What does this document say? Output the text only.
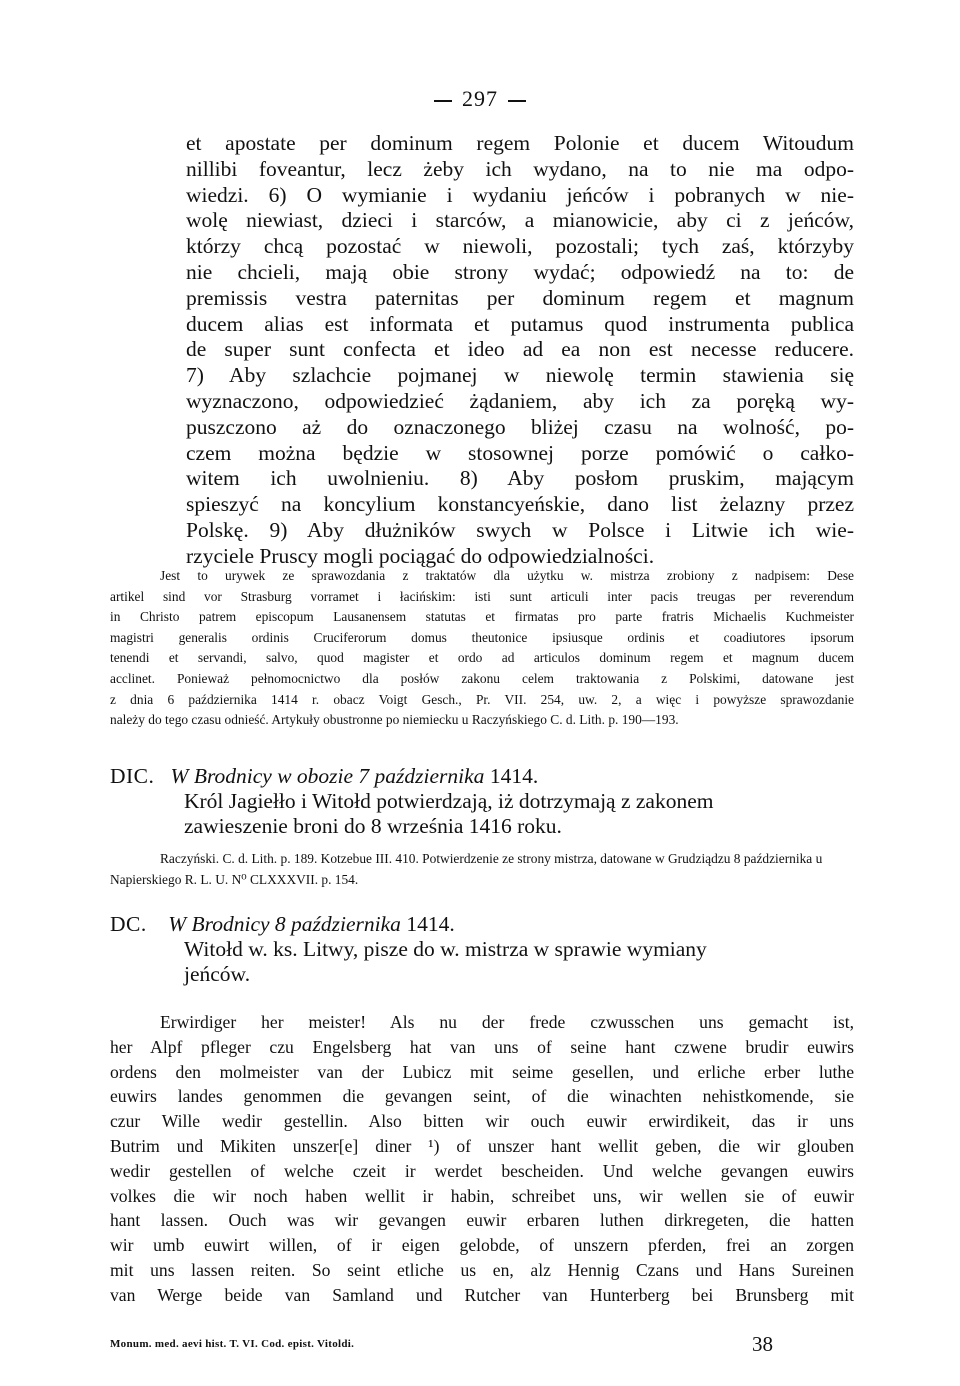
297
et apostate per dominum regem Polonie et ducem Witoudum
nillibi foveantur, lecz żeby ich wydano, na to nie ma odpo-
wiedzi. 6) O wymianie i wydaniu jeńców i pobranych w nie-
wolę niewiast, dzieci i starców, a mianowicie, aby ci z jeńców,
którzy chcą pozostać w niewoli, pozostali; tych zaś, którzyby
nie chcieli, mają obie strony wydać; odpowiedź na to: de
premissis vestra paternitas per dominum regem et magnum
ducem alias est informata et putamus quod instrumenta publica
de super sunt confecta et ideo ad ea non est necesse reducere.
7) Aby szlachcie pojmanej w niewolę termin stawienia się
wyznaczono, odpowiedzieć żądaniem, aby ich za poręką wy-
puszczono aż do oznaczonego bliżej czasu na wolność, po-
czem można będzie w stosownej porze pomówić o całko-
witem ich uwolnieniu. 8) Aby posłom pruskim, mającym
spieszyć na koncylium konstancyeńskie, dano list żelazny przez
Polskę. 9) Aby dłużników swych w Polsce i Litwie ich wie-
rzyciele Pruscy mogli pociągać do odpowiedzialności.
Jest to urywek ze sprawozdania z traktatów dla użytku w. mistrza zrobiony z nadpisem: Dese
artikel sind vor Strasburg vorramet i łacińskim: isti sunt articuli inter pacis treugas per reverendum
in Christo patrem episcopum Lausanensem statutas et firmatas pro parte fratris Michaelis Kuchmeister
magistri generalis ordinis Cruciferorum domus theutonice ipsiusque ordinis et coadiutores ipsorum
tenendi et servandi, salvo, quod magister et ordo ad articulos dominum regem et magnum ducem
acclinet. Ponieważ pełnomocnictwo dla posłów zakonu celem traktowania z Polskimi, datowane jest
z dnia 6 października 1414 r. obacz Voigt Gesch., Pr. VII. 254, uw. 2, a więc i powyższe sprawozdanie
należy do tego czasu odnieść. Artykuły obustronne po niemiecku u Raczyńskiego C. d. Lith. p. 190—193.
DIC. W Brodnicy w obozie 7 października 1414.
Król Jagiełło i Witołd potwierdzają, iż dotrzymają z zakonem
zawieszenie broni do 8 września 1416 roku.
Raczyński. C. d. Lith. p. 189. Kotzebue III. 410. Potwierdzenie ze strony mistrza, datowane w Grudziądzu 8 października u Napierskiego R. L. U. N⁰ CLXXXVII. p. 154.
DC. W Brodnicy 8 października 1414.
Witołd w. ks. Litwy, pisze do w. mistrza w sprawie wymiany
jeńców.
Erwirdiger her meister! Als nu der frede czwusschen uns gemacht ist,
her Alpf pfleger czu Engelsberg hat van uns of seine hant czwene brudir euwirs
ordens den molmeister van der Lubicz mit seime gesellen, und erliche erber luthe
euwirs landes genommen die gevangen seint, of die winachten nehistkomende, sie
czur Wille wedir gestellin. Also bitten wir ouch euwir erwirdikeit, das ir uns
Butrim und Mikiten unszer[e] diner ¹) of unszer hant wellit geben, die wir glouben
wedir gestellen of welche czeit ir werdet bescheiden. Und welche gevangen euwirs
volkes die wir noch haben wellit ir habin, schreibet uns, wir wellen sie of euwir
hant lassen. Ouch was wir gevangen euwir erbaren luthen dirkregeten, die hatten
wir umb euwirt willen, of ir eigen gelobde, of unszern pferden, frei an zorgen
mit uns lassen reiten. So seint etliche us en, alz Hennig Czans und Hans Sureinen
van Werge beide van Samland und Rutcher van Hunterberg bei Brunsberg mit
Monum. med. aevi hist. T. VI. Cod. epist. Vitoldi.	38
